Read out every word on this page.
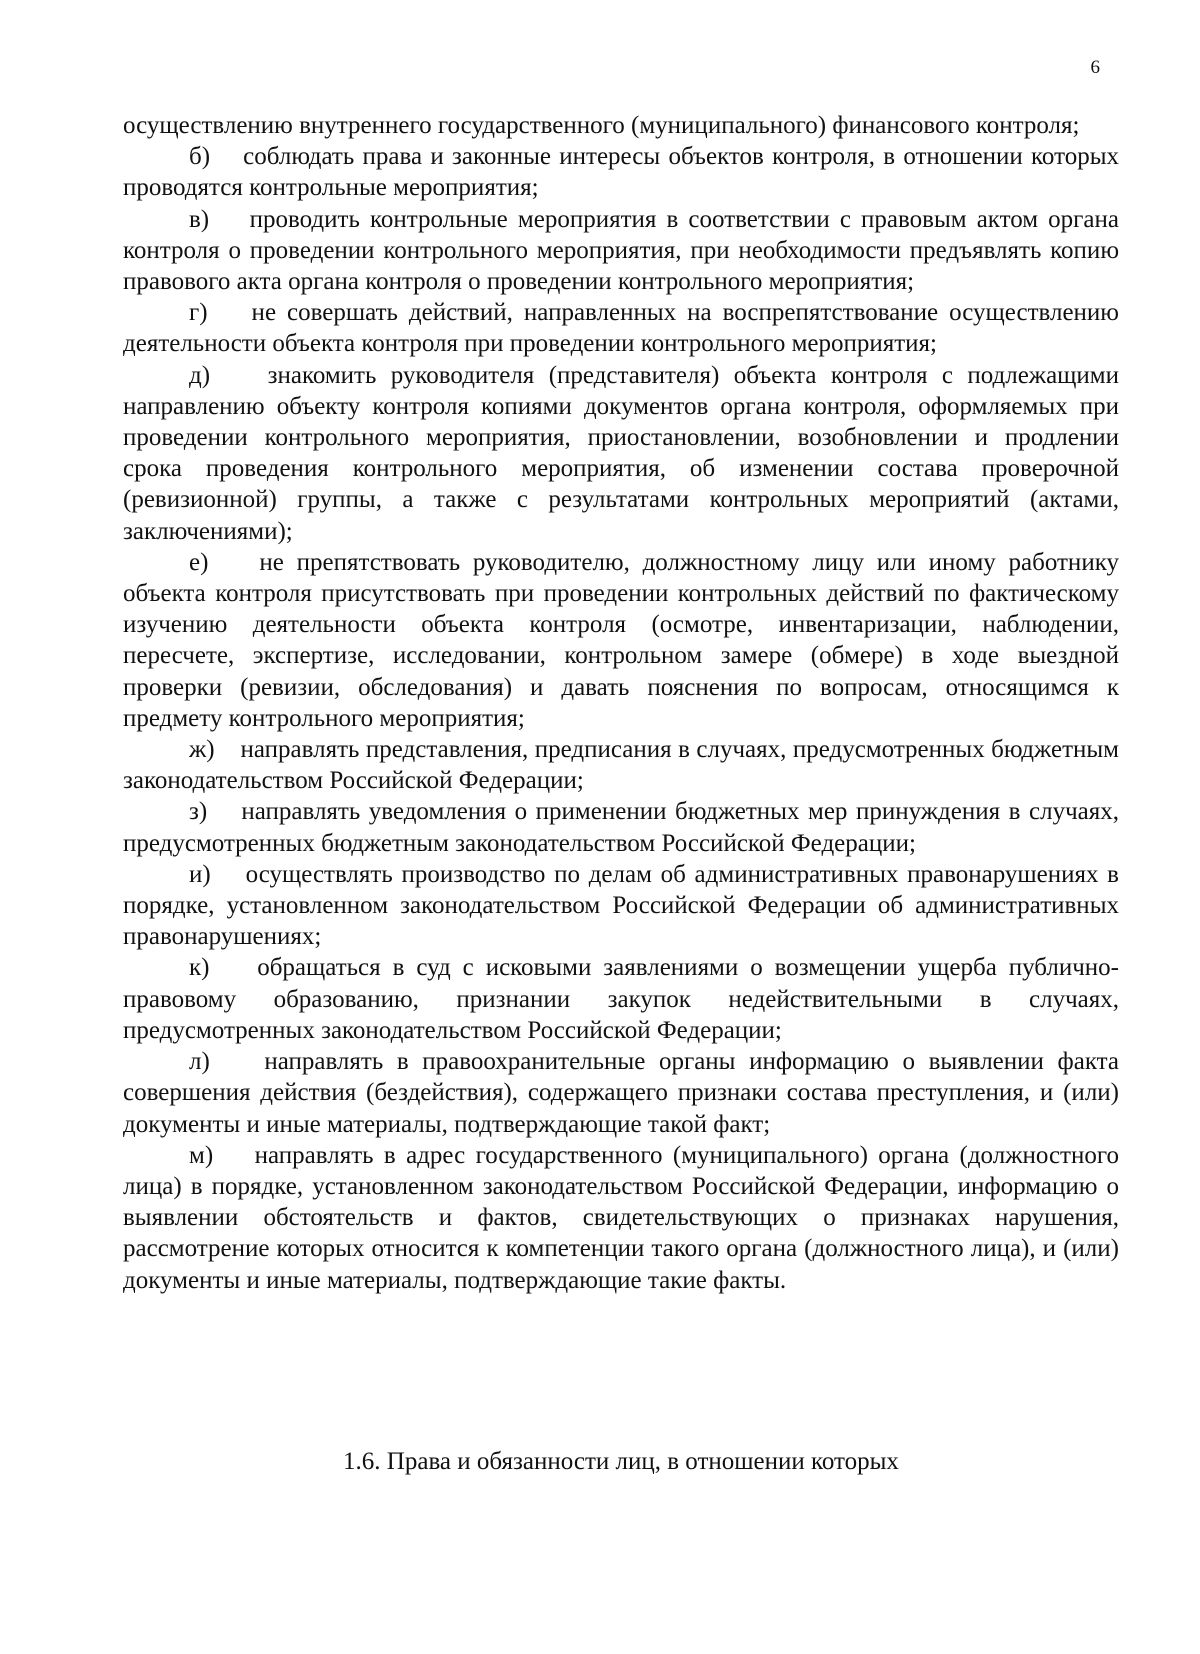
6

осуществлению внутреннего государственного (муниципального) финансового контроля;

б)    соблюдать права и законные интересы объектов контроля, в отношении которых проводятся контрольные мероприятия;

в)    проводить контрольные мероприятия в соответствии с правовым актом органа контроля о проведении контрольного мероприятия, при необходимости предъявлять копию правового акта органа контроля о проведении контрольного мероприятия;

г)    не совершать действий, направленных на воспрепятствование осуществлению деятельности объекта контроля при проведении контрольного мероприятия;

д)    знакомить руководителя (представителя) объекта контроля с подлежащими направлению объекту контроля копиями документов органа контроля, оформляемых при проведении контрольного мероприятия, приостановлении, возобновлении и продлении срока проведения контрольного мероприятия, об изменении состава проверочной (ревизионной) группы, а также с результатами контрольных мероприятий (актами, заключениями);

е)    не препятствовать руководителю, должностному лицу или иному работнику объекта контроля присутствовать при проведении контрольных действий по фактическому изучению деятельности объекта контроля (осмотре, инвентаризации, наблюдении, пересчете, экспертизе, исследовании, контрольном замере (обмере) в ходе выездной проверки (ревизии, обследования) и давать пояснения по вопросам, относящимся к предмету контрольного мероприятия;

ж)    направлять представления, предписания в случаях, предусмотренных бюджетным законодательством Российской Федерации;

з)    направлять уведомления о применении бюджетных мер принуждения в случаях, предусмотренных бюджетным законодательством Российской Федерации;

и)    осуществлять производство по делам об административных правонарушениях в порядке, установленном законодательством Российской Федерации об административных правонарушениях;

к)    обращаться в суд с исковыми заявлениями о возмещении ущерба публично-правовому образованию, признании закупок недействительными в случаях, предусмотренных законодательством Российской Федерации;

л)    направлять в правоохранительные органы информацию о выявлении факта совершения действия (бездействия), содержащего признаки состава преступления, и (или) документы и иные материалы, подтверждающие такой факт;

м)    направлять в адрес государственного (муниципального) органа (должностного лица) в порядке, установленном законодательством Российской Федерации, информацию о выявлении обстоятельств и фактов, свидетельствующих о признаках нарушения, рассмотрение которых относится к компетенции такого органа (должностного лица), и (или) документы и иные материалы, подтверждающие такие факты.

1.6. Права и обязанности лиц, в отношении которых
